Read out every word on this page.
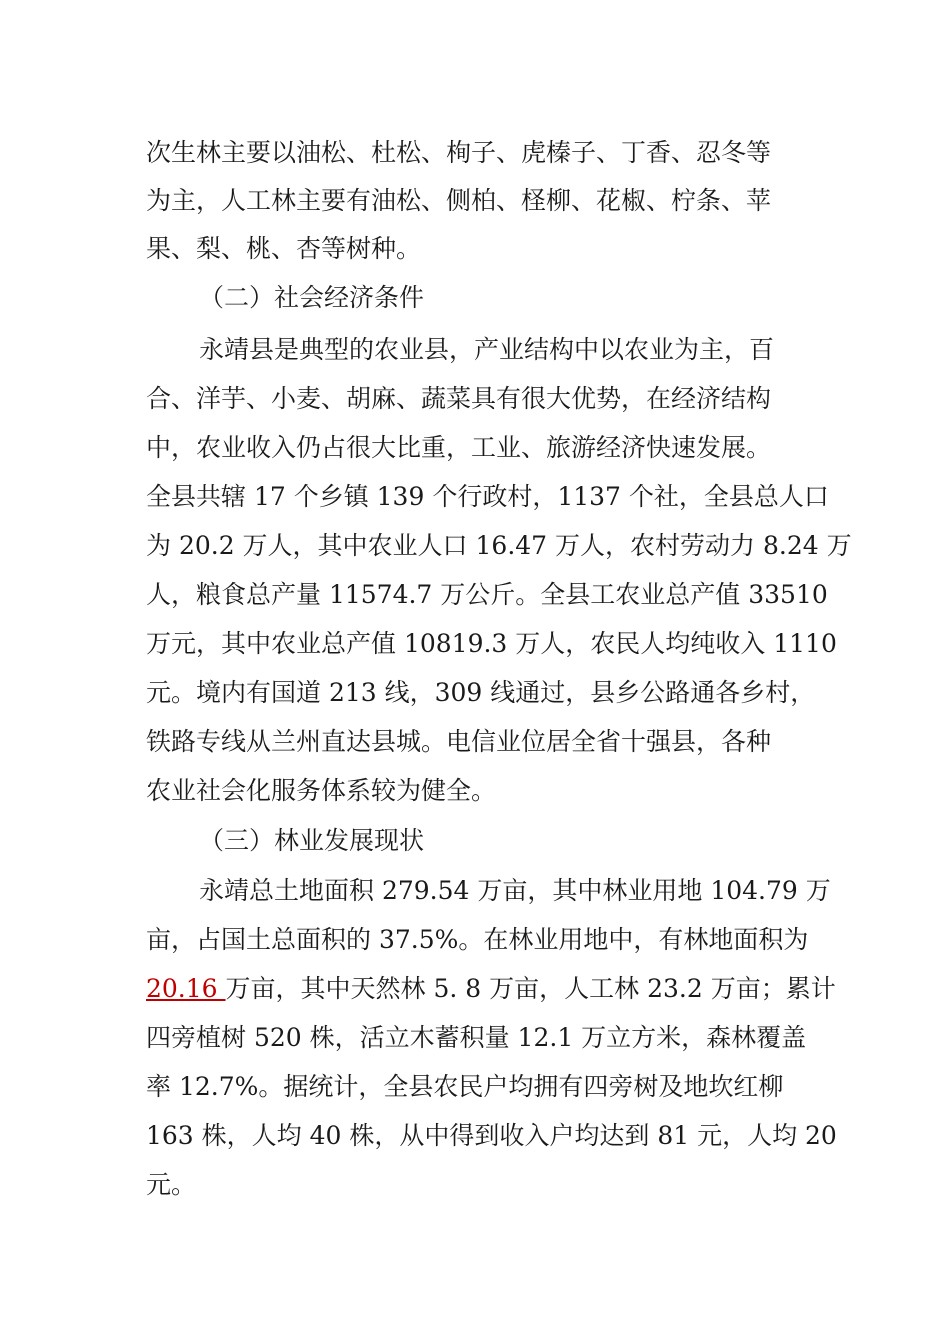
次生林主要以油松、杜松、栒子、虎榛子、丁香、忍冬等
为主，人工林主要有油松、侧柏、柽柳、花椒、柠条、苹
果、梨、桃、杏等树种。
（二）社会经济条件
永靖县是典型的农业县，产业结构中以农业为主，百
合、洋芋、小麦、胡麻、蔬菜具有很大优势，在经济结构
中，农业收入仍占很大比重，工业、旅游经济快速发展。
全县共辖 17 个乡镇 139 个行政村，1137 个社，全县总人口
为 20.2 万人，其中农业人口 16.47 万人，农村劳动力 8.24 万
人，粮食总产量 11574.7 万公斤。全县工农业总产值 33510
万元，其中农业总产值 10819.3 万人，农民人均纯收入 1110
元。境内有国道 213 线，309 线通过，县乡公路通各乡村，
铁路专线从兰州直达县城。电信业位居全省十强县，各种
农业社会化服务体系较为健全。
（三）林业发展现状
永靖总土地面积 279.54 万亩，其中林业用地 104.79 万
亩，占国土总面积的 37.5%。在林业用地中，有林地面积为
20.16 万亩，其中天然林 5. 8 万亩，人工林 23.2 万亩；累计
四旁植树 520 株，活立木蓄积量 12.1 万立方米，森林覆盖
率 12.7%。据统计，全县农民户均拥有四旁树及地坎红柳
163 株，人均 40 株，从中得到收入户均达到 81 元，人均 20
元。
